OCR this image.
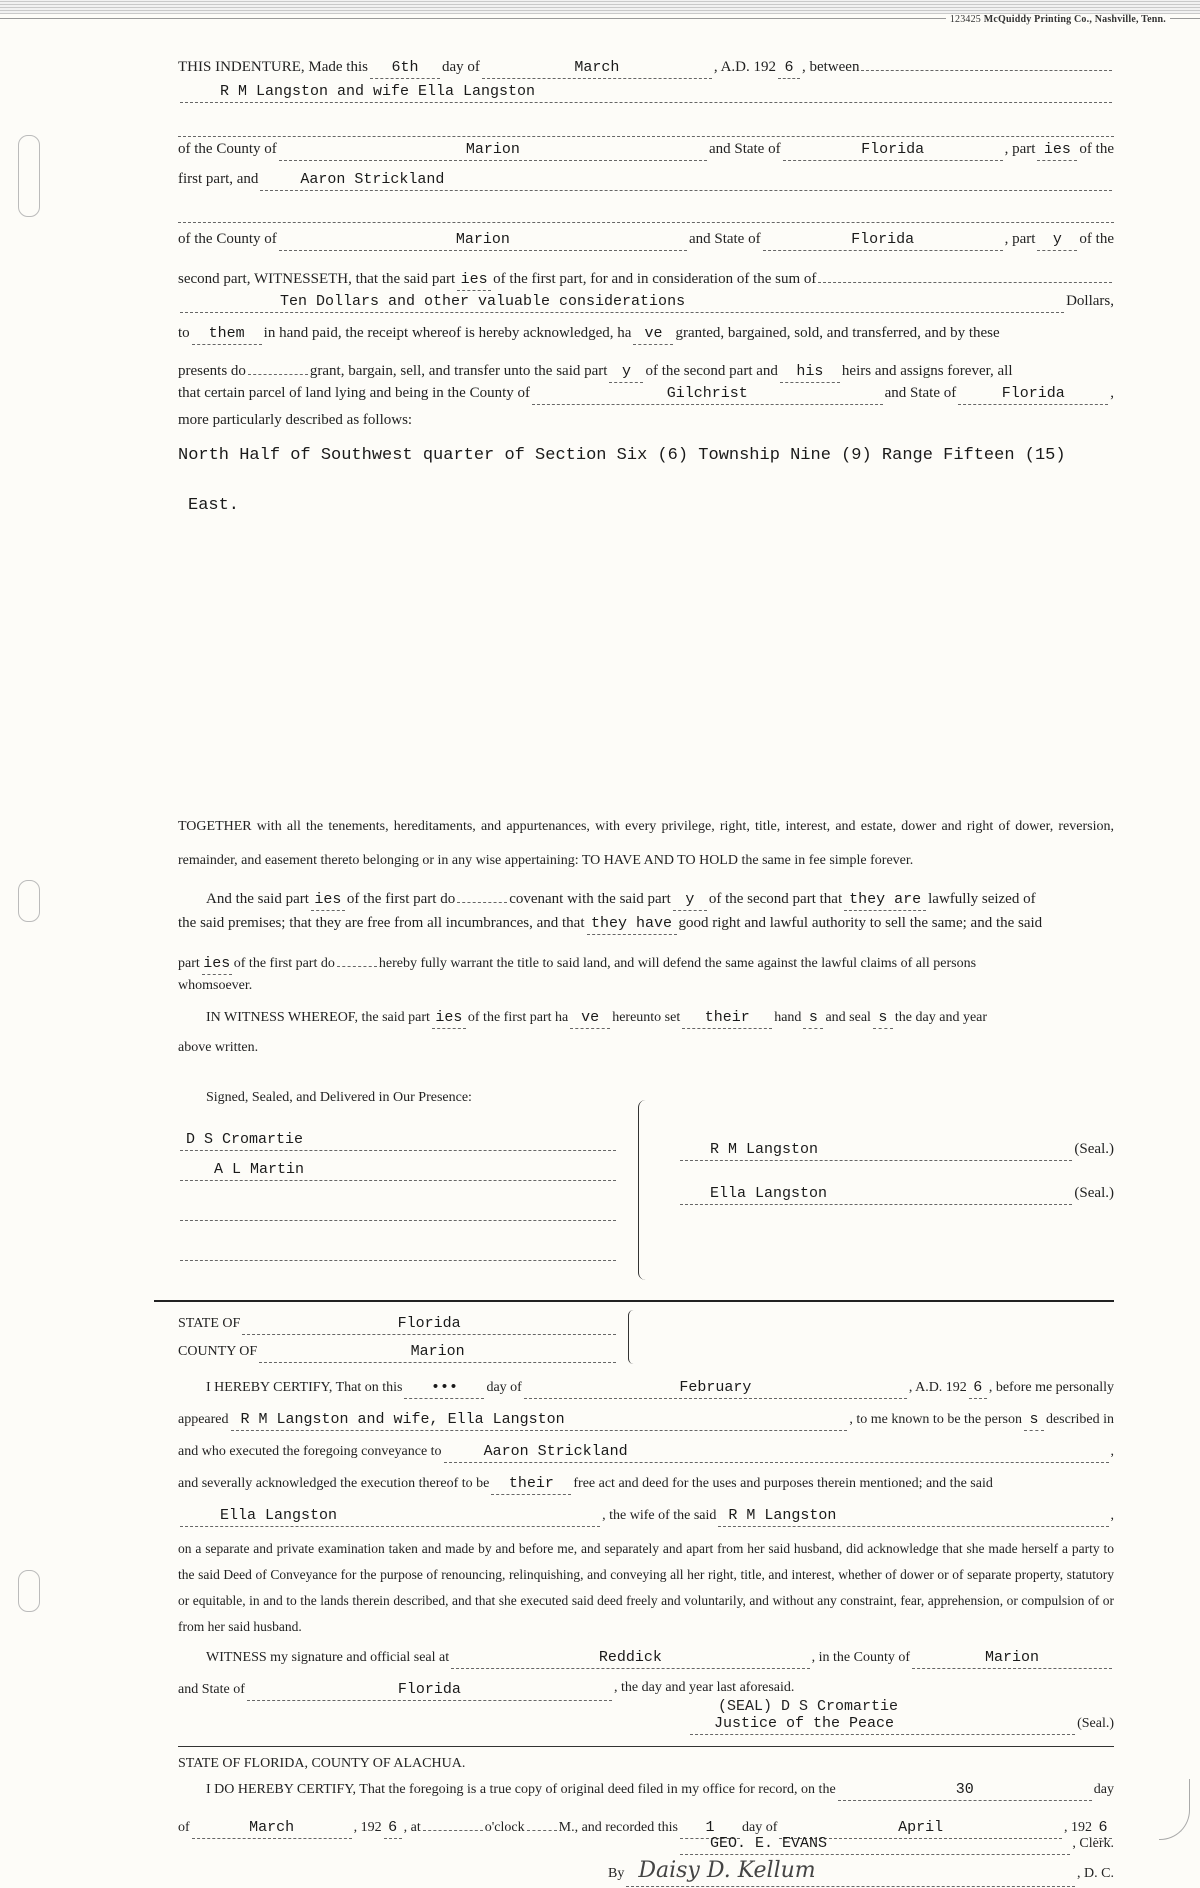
123425 McQuiddy Printing Co., Nashville, Tenn.
THIS INDENTURE, Made this	6th	day of	March	, A.D. 192 6 , between
R M Langston and wife Ella Langston
of the County of	Marion	and State of	Florida	, part ies of the
first part, and	Aaron Strickland
of the County of	Marion	and State of	Florida	, part	y	of the
second part, WITNESSETH, that the said part ies of the first part, for and in consideration of the sum of
Ten Dollars and other valuable considerations	Dollars,
to	them	in hand paid, the receipt whereof is hereby acknowledged, ha ve granted, bargained, sold, and transferred, and by these
presents do	grant, bargain, sell, and transfer unto the said part y of the second part and	his	heirs and assigns forever, all
that certain parcel of land lying and being in the County of	Gilchrist	and State of	Florida	,
more particularly described as follows:
North Half of Southwest quarter of Section Six (6) Township Nine (9) Range Fifteen (15)
East.
TOGETHER with all the tenements, hereditaments, and appurtenances, with every privilege, right, title, interest, and estate, dower and right of dower, reversion, remainder, and easement thereto belonging or in any wise appertaining: TO HAVE AND TO HOLD the same in fee simple forever.
And the said part ies of the first part do	covenant with the said part y of the second part that they are lawfully seized of
the said premises; that they are free from all incumbrances, and that they have good right and lawful authority to sell the same; and the said
part ies of the first part do	hereby fully warrant the title to said land, and will defend the same against the lawful claims of all persons
whomsoever.
IN WITNESS WHEREOF, the said part ies of the first part ha ve hereunto set	their	hand s and seal s the day and year
above written.
Signed, Sealed, and Delivered in Our Presence:
D S Cromartie
A L Martin
R M Langston	(Seal.)
Ella Langston	(Seal.)
STATE OF	Florida
COUNTY OF	Marion
I HEREBY CERTIFY, That on this	•••	day of	February	, A.D. 192 6 , before me personally
appeared R M Langston and wife, Ella Langston	, to me known to be the person s described in
and who executed the foregoing conveyance to	Aaron Strickland	,
and severally acknowledged the execution thereof to be	their	free act and deed for the uses and purposes therein mentioned; and the said
Ella Langston	, the wife of the said R M Langston	,
on a separate and private examination taken and made by and before me, and separately and apart from her said husband, did acknowledge that she made herself a party to the said Deed of Conveyance for the purpose of renouncing, relinquishing, and conveying all her right, title, and interest, whether of dower or of separate property, statutory or equitable, in and to the lands therein described, and that she executed said deed freely and voluntarily, and without any constraint, fear, apprehension, or compulsion of or from her said husband.
WITNESS my signature and official seal at	Reddick	, in the County of	Marion
and State of	Florida	, the day and year last aforesaid.
(SEAL) D S Cromartie
Justice of the Peace	(Seal.)
STATE OF FLORIDA, COUNTY OF ALACHUA.
I DO HEREBY CERTIFY, That the foregoing is a true copy of original deed filed in my office for record, on the	30	day
of	March	, 192 6 , at	o'clock M., and recorded this	1	day of	April	, 192 6
GEO. E. EVANS	, Clerk.
By Daisy D. Kellum	, D. C.
